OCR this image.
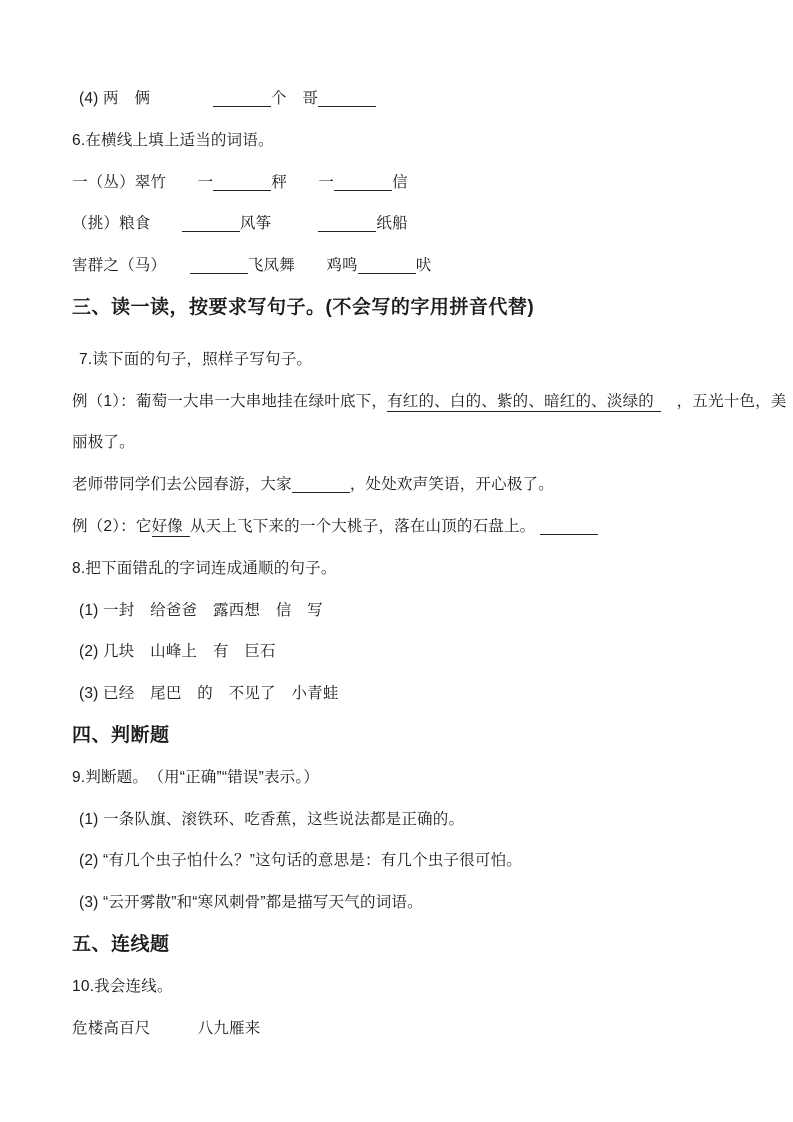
(4) 两　俩　　　　	个　哥
6.在横线上填上适当的词语。
一（丛）翠竹　　一	秤　　一	信
（挑）粮食　　	风筝　　　	纸船
害群之（马）　　	飞凤舞　　鸡鸣	吠
三、读一读，按要求写句子。(不会写的字用拼音代替)
7.读下面的句子，照样子写句子。
例（1）：葡萄一大串一大串地挂在绿叶底下，有红的、白的、紫的、暗红的、淡绿的　，五光十色，美
丽极了。
老师带同学们去公园春游，大家	，处处欢声笑语，开心极了。
例（2）：它好像 从天上飞下来的一个大桃子，落在山顶的石盘上。
8.把下面错乱的字词连成通顺的句子。
(1) 一封　给爸爸　露西想　信　写
(2) 几块　山峰上　有　巨石
(3) 已经　尾巴　的　不见了　小青蛙
四、判断题
9.判断题。　（用“正确”“错误”表示。）
(1) 一条队旗、滚铁环、吃香蕉，这些说法都是正确的。
(2) “有几个虫子怕什么？”这句话的意思是：有几个虫子很可怕。
(3) “云开雾散”和“寒风刺骨”都是描写天气的词语。
五、连线题
10.我会连线。
危楼高百尺　　　八九雁来
